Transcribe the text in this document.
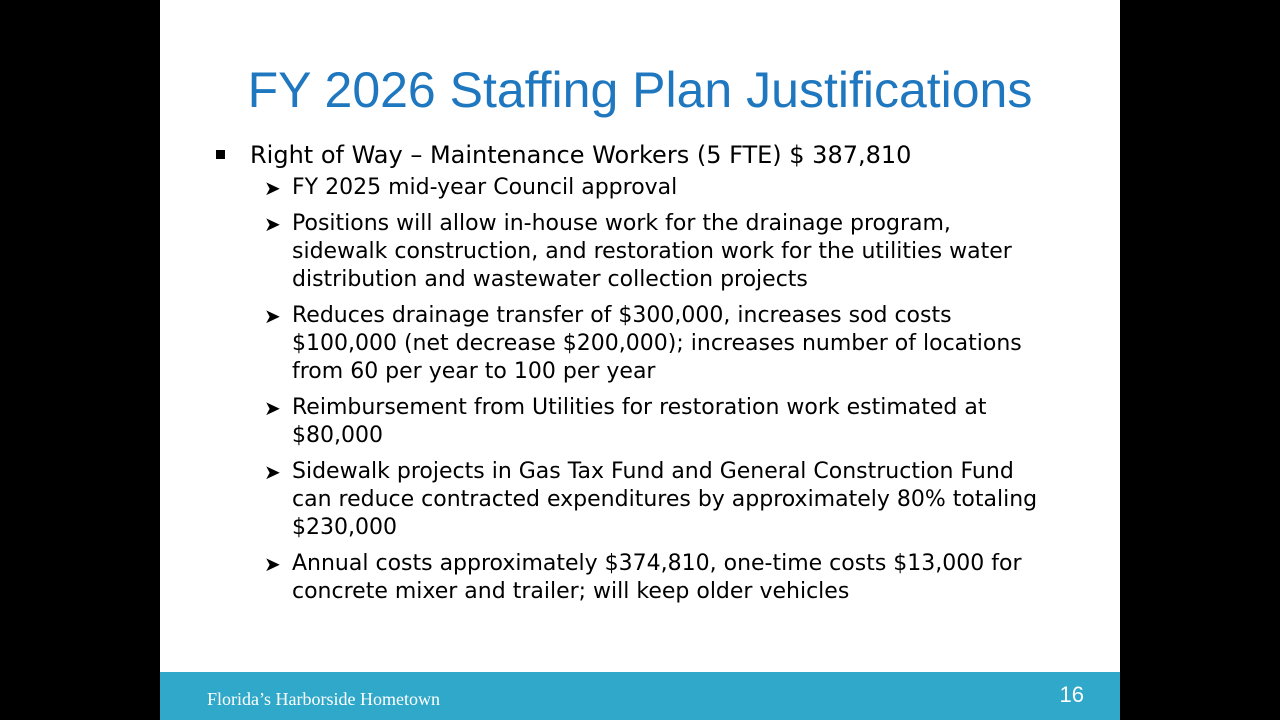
FY 2026 Staffing Plan Justifications
Right of Way – Maintenance Workers (5 FTE) $ 387,810
➤ FY 2025 mid-year Council approval
➤ Positions will allow in-house work for the drainage program, sidewalk construction, and restoration work for the utilities water distribution and wastewater collection projects
➤ Reduces drainage transfer of $300,000, increases sod costs $100,000 (net decrease $200,000); increases number of locations from 60 per year to 100 per year
➤ Reimbursement from Utilities for restoration work estimated at $80,000
➤ Sidewalk projects in Gas Tax Fund and General Construction Fund can reduce contracted expenditures by approximately 80% totaling $230,000
➤ Annual costs approximately $374,810, one-time costs $13,000 for concrete mixer and trailer; will keep older vehicles
Florida’s Harborside Hometown	16
